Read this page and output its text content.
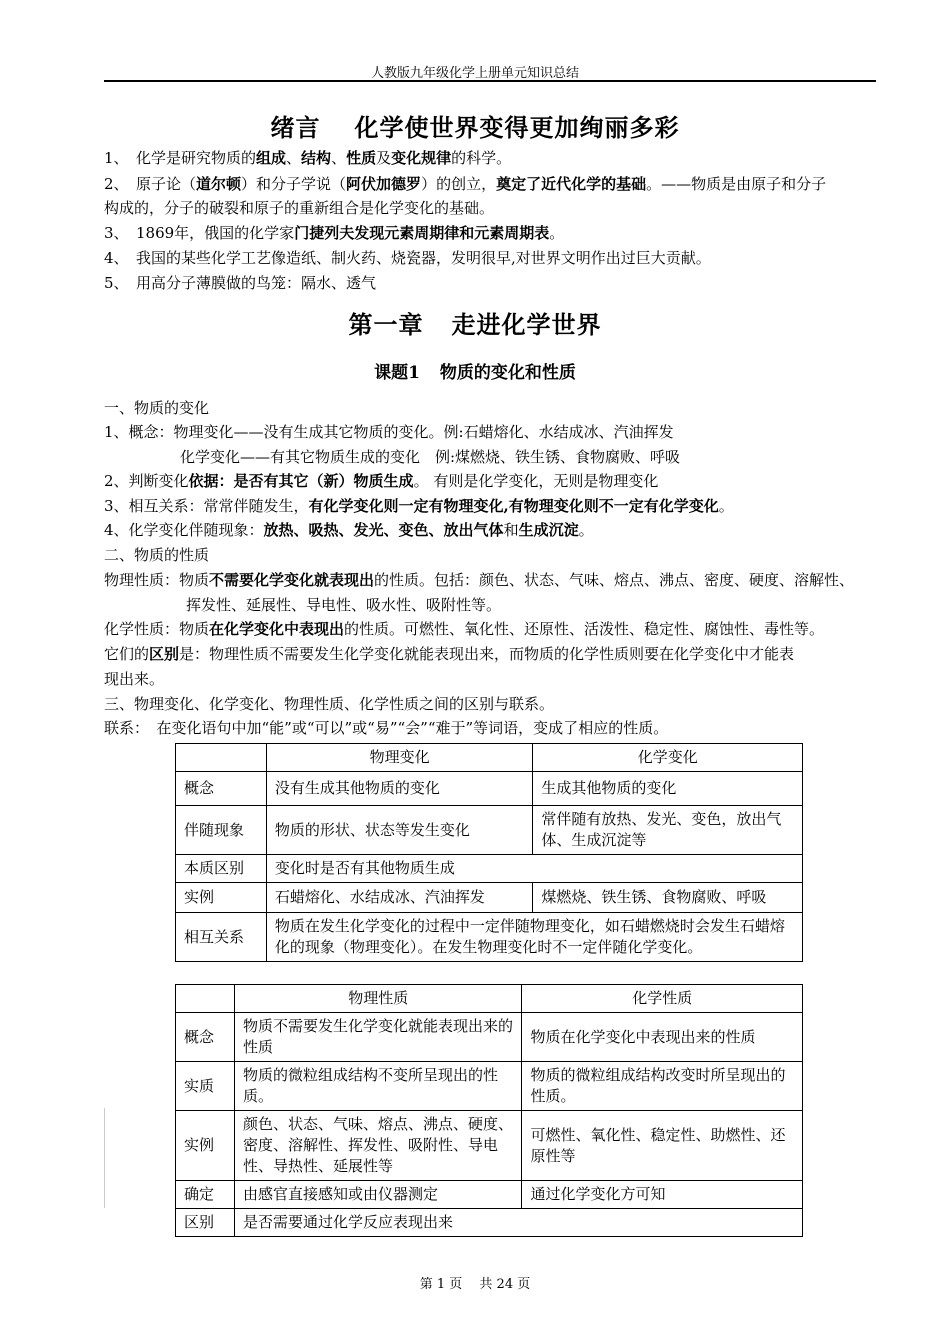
人教版九年级化学上册单元知识总结
绪言 化学使世界变得更加绚丽多彩
1、 化学是研究物质的组成、结构、性质及变化规律的科学。
2、 原子论（道尔顿）和分子学说（阿伏加德罗）的创立，奠定了近代化学的基础。——物质是由原子和分子
构成的，分子的破裂和原子的重新组合是化学变化的基础。
3、 1869年，俄国的化学家门捷列夫发现元素周期律和元素周期表。
4、 我国的某些化学工艺像造纸、制火药、烧瓷器，发明很早,对世界文明作出过巨大贡献。
5、 用高分子薄膜做的鸟笼：隔水、透气
第一章 走进化学世界
课题1 物质的变化和性质
一、物质的变化
1、概念：物理变化——没有生成其它物质的变化。例:石蜡熔化、水结成冰、汽油挥发
化学变化——有其它物质生成的变化　例:煤燃烧、铁生锈、食物腐败、呼吸
2、判断变化依据：是否有其它（新）物质生成。 有则是化学变化，无则是物理变化
3、相互关系：常常伴随发生，有化学变化则一定有物理变化,有物理变化则不一定有化学变化。
4、化学变化伴随现象：放热、吸热、发光、变色、放出气体和生成沉淀。
二、物质的性质
物理性质：物质不需要化学变化就表现出的性质。包括：颜色、状态、气味、熔点、沸点、密度、硬度、溶解性、
挥发性、延展性、导电性、吸水性、吸附性等。
化学性质：物质在化学变化中表现出的性质。可燃性、氧化性、还原性、活泼性、稳定性、腐蚀性、毒性等。
它们的区别是：物理性质不需要发生化学变化就能表现出来，而物质的化学性质则要在化学变化中才能表
现出来。
三、物理变化、化学变化、物理性质、化学性质之间的区别与联系。
联系：　在变化语句中加“能”或“可以”或“易”“会”“难于”等词语，变成了相应的性质。
	物理变化	化学变化
概念	没有生成其他物质的变化	生成其他物质的变化
伴随现象	物质的形状、状态等发生变化	常伴随有放热、发光、变色，放出气体、生成沉淀等
本质区别	变化时是否有其他物质生成	
实例	石蜡熔化、水结成冰、汽油挥发	煤燃烧、铁生锈、食物腐败、呼吸
相互关系	物质在发生化学变化的过程中一定伴随物理变化，如石蜡燃烧时会发生石蜡熔化的现象（物理变化）。在发生物理变化时不一定伴随化学变化。	
	物理性质	化学性质
概念	物质不需要发生化学变化就能表现出来的性质	物质在化学变化中表现出来的性质
实质	物质的微粒组成结构不变所呈现出的性质。	物质的微粒组成结构改变时所呈现出的性质。
实例	颜色、状态、气味、熔点、沸点、硬度、密度、溶解性、挥发性、吸附性、导电性、导热性、延展性等	可燃性、氧化性、稳定性、助燃性、还原性等
确定	由感官直接感知或由仪器测定	通过化学变化方可知
区别	是否需要通过化学反应表现出来	
第 1 页　 共 24 页
